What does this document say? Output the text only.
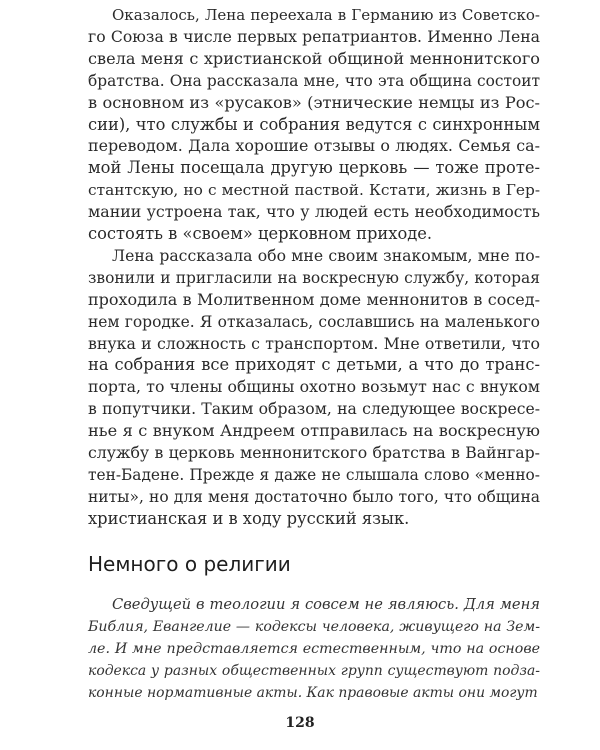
Оказалось, Лена переехала в Германию из Советско-
го Союза в числе первых репатриантов. Именно Лена
свела меня с христианской общиной меннонитского
братства. Она рассказала мне, что эта община состоит
в основном из «русаков» (этнические немцы из Рос-
сии), что службы и собрания ведутся с синхронным
переводом. Дала хорошие отзывы о людях. Семья са-
мой Лены посещала другую церковь — тоже проте-
стантскую, но с местной паствой. Кстати, жизнь в Гер-
мании устроена так, что у людей есть необходимость
состоять в «своем» церковном приходе.
Лена рассказала обо мне своим знакомым, мне по-
звонили и пригласили на воскресную службу, которая
проходила в Молитвенном доме меннонитов в сосед-
нем городке. Я отказалась, сославшись на маленького
внука и сложность с транспортом. Мне ответили, что
на собрания все приходят с детьми, а что до транс-
порта, то члены общины охотно возьмут нас с внуком
в попутчики. Таким образом, на следующее воскресе-
нье я с внуком Андреем отправилась на воскресную
службу в церковь меннонитского братства в Вайнгар-
тен-Бадене. Прежде я даже не слышала слово «менно-
ниты», но для меня достаточно было того, что община
христианская и в ходу русский язык.
Немного о религии
Сведущей в теологии я совсем не являюсь. Для меня
Библия, Евангелие — кодексы человека, живущего на Зем-
ле. И мне представляется естественным, что на основе
кодекса у разных общественных групп существуют подза-
конные нормативные акты. Как правовые акты они могут
128
